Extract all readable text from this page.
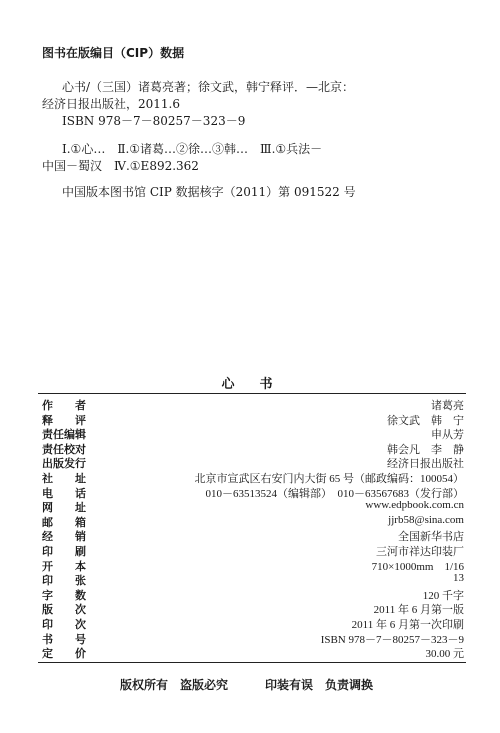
图书在版编目（CIP）数据
心书/（三国）诸葛亮著；徐文武，韩宁释评．—北京：
经济日报出版社，2011.6
ISBN 978－7－80257－323－9
Ⅰ.①心…　Ⅱ.①诸葛…②徐…③韩…　Ⅲ.①兵法－
中国－蜀汉　Ⅳ.①E892.362
中国版本图书馆 CIP 数据核字（2011）第 091522 号
心　书
作　　者	诸葛亮
释　　评	徐文武　韩　宁
责任编辑	申从芳
责任校对	韩会凡　李　静
出版发行	经济日报出版社
社　　址	北京市宣武区右安门内大街 65 号（邮政编码：100054）
电　　话	010－63513524（编辑部）　010－63567683（发行部）
网　　址	www.edpbook.com.cn
邮　　箱	jjrb58@sina.com
经　　销	全国新华书店
印　　刷	三河市祥达印装厂
开　　本	710×1000mm　1/16
印　　张	13
字　　数	120 千字
版　　次	2011 年 6 月第一版
印　　次	2011 年 6 月第一次印刷
书　　号	ISBN 978－7－80257－323－9
定　　价	30.00 元
版权所有　盗版必究	印装有误　负责调换
